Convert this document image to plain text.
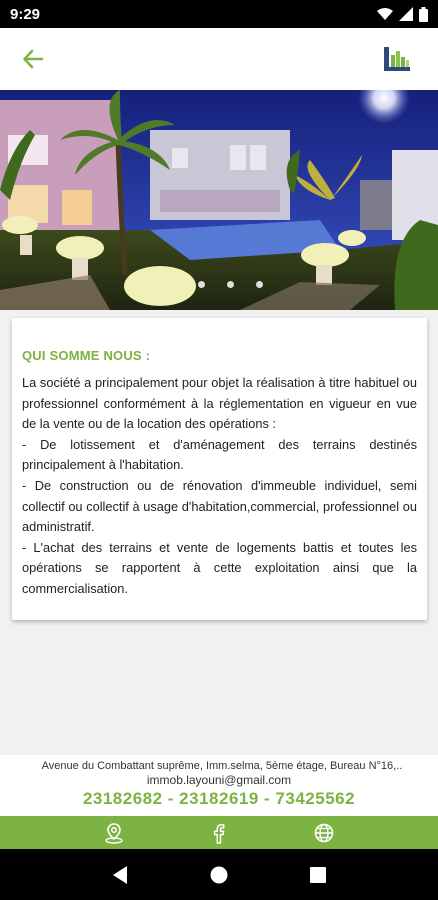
9:29
QUI SOMME NOUS :
La société a principalement pour objet la réalisation à titre habituel ou professionnel conformément à la réglementation en vigueur en vue de la vente ou de la location des opérations :
- De lotissement et d'aménagement des terrains destinés principalement à l'habitation.
- De construction ou de rénovation d'immeuble individuel, semi collectif ou collectif à usage d'habitation,commercial, professionnel ou administratif.
- L'achat des terrains et vente de logements battis et toutes les opérations se rapportent à cette exploitation ainsi que la commercialisation.
Avenue du Combattant suprême, Imm.selma, 5ème étage, Bureau N°16,..
immob.layouni@gmail.com
23182682 - 23182619 - 73425562
